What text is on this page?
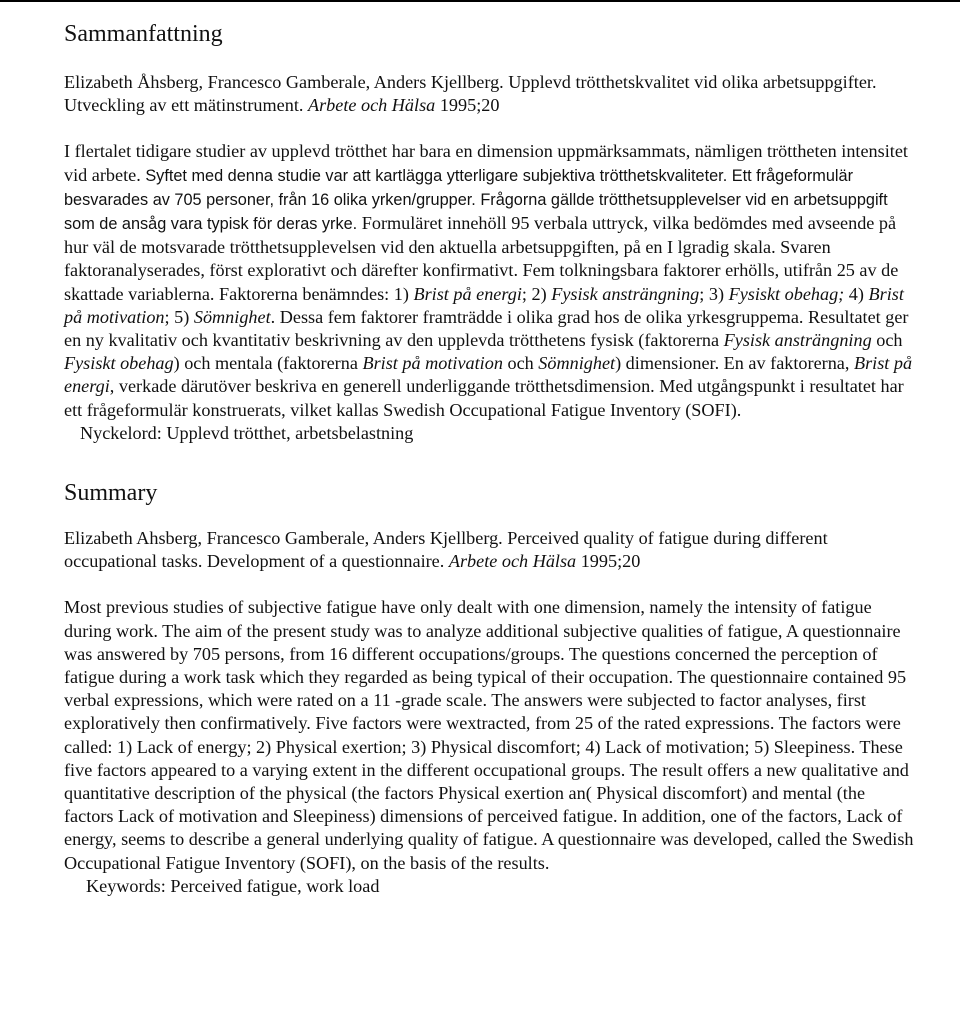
Sammanfattning

Elizabeth Åhsberg, Francesco Gamberale, Anders Kjellberg. Upplevd trötthetskvalitet vid olika arbetsuppgifter. Utveckling av ett mätinstrument. Arbete och Hälsa 1995;20

I flertalet tidigare studier av upplevd trötthet har bara en dimension uppmärksammats, nämligen tröttheten intensitet vid arbete. Syftet med denna studie var att kartlägga ytterligare subjektiva trötthetskvaliteter. Ett frågeformulär besvarades av 705 personer, från 16 olika yrken/grupper. Frågorna gällde trötthetsupplevelser vid en arbetsuppgift som de ansåg vara typisk för deras yrke. Formuläret innehöll 95 verbala uttryck, vilka bedömdes med avseende på hur väl de motsvarade trötthetsupplevelsen vid den aktuella arbetsuppgiften, på en I lgradig skala. Svaren faktoranalyserades, först explorativt och därefter konfirmativt. Fem tolkningsbara faktorer erhölls, utifrån 25 av de skattade variablerna. Faktorerna benämndes: 1) Brist på energi; 2) Fysisk ansträngning; 3) Fysiskt obehag; 4) Brist på motivation; 5) Sömnighet. Dessa fem faktorer framträdde i olika grad hos de olika yrkesgruppema. Resultatet ger en ny kvalitativ och kvantitativ beskrivning av den upplevda trötthetens fysisk (faktorerna Fysisk ansträngning och Fysiskt obehag) och mentala (faktorerna Brist på motivation och Sömnighet) dimensioner. En av faktorerna, Brist på energi, verkade därutöver beskriva en generell underliggande trötthetsdimension. Med utgångspunkt i resultatet har ett frågeformulär konstruerats, vilket kallas Swedish Occupational Fatigue Inventory (SOFI).

Nyckelord: Upplevd trötthet, arbetsbelastning

Summary

Elizabeth Ahsberg, Francesco Gamberale, Anders Kjellberg. Perceived quality of fatigue during different occupational tasks. Development of a questionnaire. Arbete och Hälsa 1995;20

Most previous studies of subjective fatigue have only dealt with one dimension, namely the intensity of fatigue during work. The aim of the present study was to analyze additional subjective qualities of fatigue, A questionnaire was answered by 705 persons, from 16 different occupations/groups. The questions concerned the perception of fatigue during a work task which they regarded as being typical of their occupation. The questionnaire contained 95 verbal expressions, which were rated on a 11 -grade scale. The answers were subjected to factor analyses, first exploratively then confirmatively. Five factors were wextracted, from 25 of the rated expressions. The factors were called: 1) Lack of energy; 2) Physical exertion; 3) Physical discomfort; 4) Lack of motivation; 5) Sleepiness. These five factors appeared to a varying extent in the different occupational groups. The result offers a new qualitative and quantitative description of the physical (the factors Physical exertion an( Physical discomfort) and mental (the factors Lack of motivation and Sleepiness) dimensions of perceived fatigue. In addition, one of the factors, Lack of energy, seems to describe a general underlying quality of fatigue. A questionnaire was developed, called the Swedish Occupational Fatigue Inventory (SOFI), on the basis of the results.

Keywords: Perceived fatigue, work load
